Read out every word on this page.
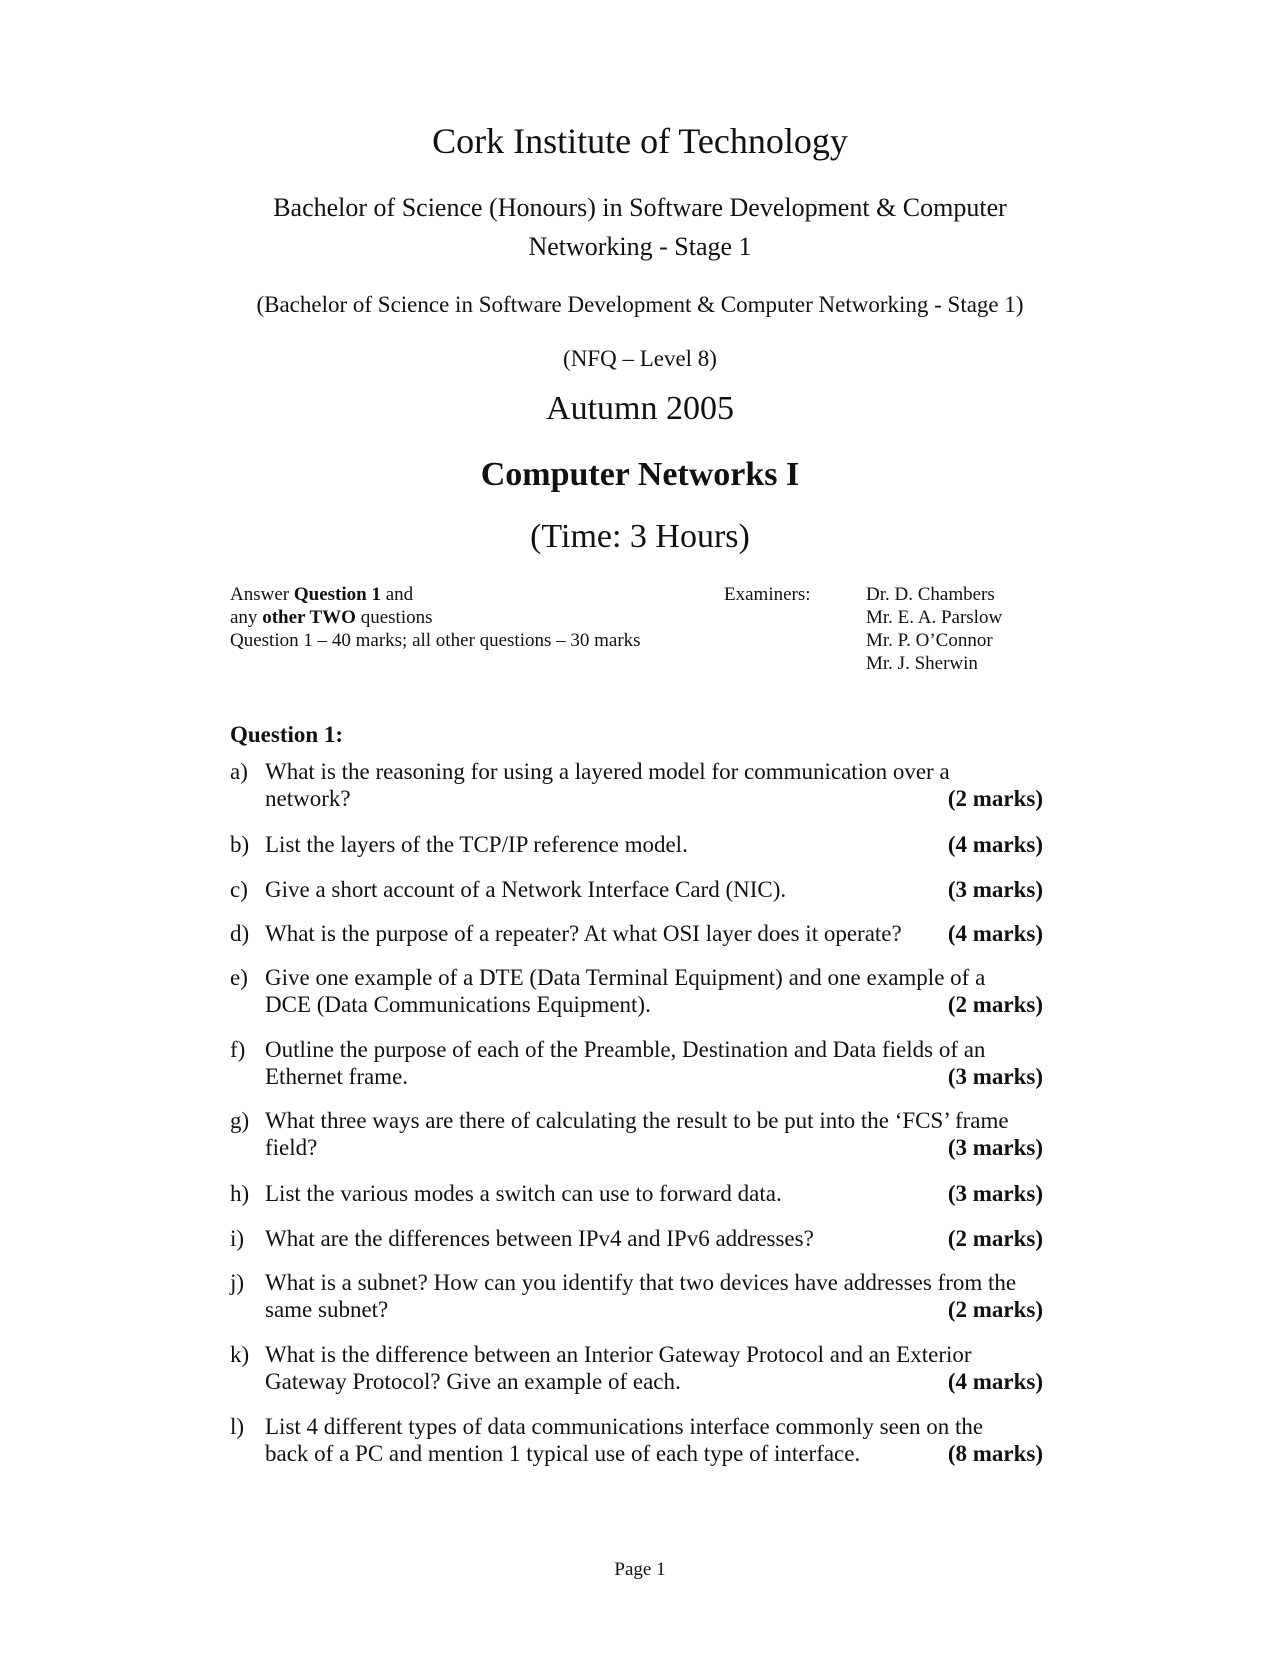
Cork Institute of Technology
Bachelor of Science (Honours) in Software Development & Computer
Networking - Stage 1
(Bachelor of Science in Software Development & Computer Networking - Stage 1)
(NFQ – Level 8)
Autumn 2005
Computer Networks I
(Time: 3 Hours)
Answer Question 1 and
any other TWO questions
Question 1 – 40 marks; all other questions – 30 marks
Examiners:	Dr. D. Chambers
Mr. E. A. Parslow
Mr. P. O’Connor
Mr. J. Sherwin
Question 1:
a) What is the reasoning for using a layered model for communication over a
network?	(2 marks)
b) List the layers of the TCP/IP reference model.	(4 marks)
c) Give a short account of a Network Interface Card (NIC).	(3 marks)
d) What is the purpose of a repeater? At what OSI layer does it operate? (4 marks)
e) Give one example of a DTE (Data Terminal Equipment) and one example of a
DCE (Data Communications Equipment).	(2 marks)
f) Outline the purpose of each of the Preamble, Destination and Data fields of an
Ethernet frame.	(3 marks)
g) What three ways are there of calculating the result to be put into the ‘FCS’ frame
field?	(3 marks)
h) List the various modes a switch can use to forward data.	(3 marks)
i) What are the differences between IPv4 and IPv6 addresses?	(2 marks)
j) What is a subnet? How can you identify that two devices have addresses from the
same subnet?	(2 marks)
k) What is the difference between an Interior Gateway Protocol and an Exterior
Gateway Protocol? Give an example of each.	(4 marks)
l) List 4 different types of data communications interface commonly seen on the
back of a PC and mention 1 typical use of each type of interface.	(8 marks)
Page 1
